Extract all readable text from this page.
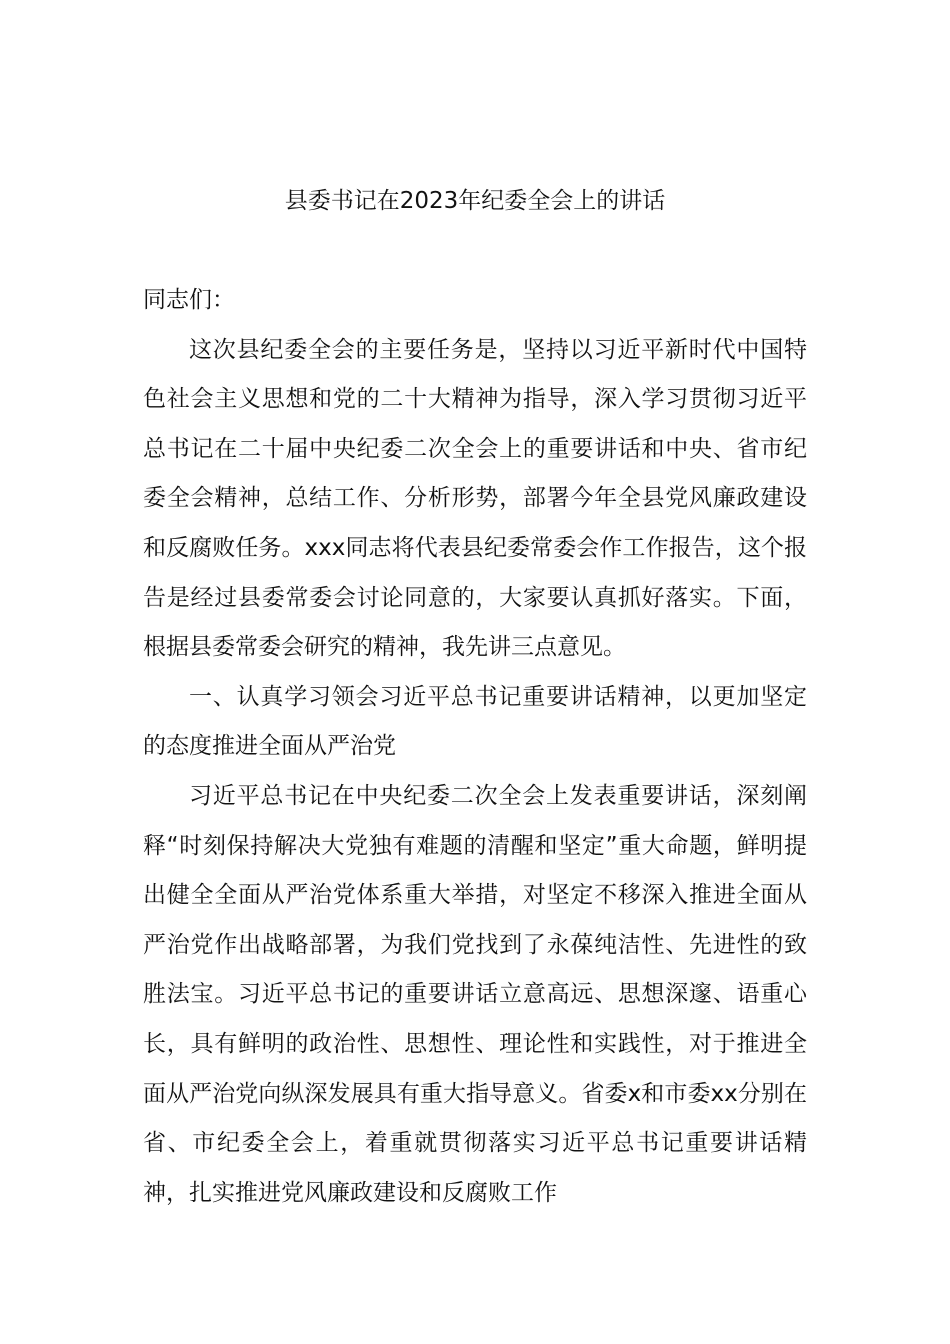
县委书记在2023年纪委全会上的讲话

同志们：

这次县纪委全会的主要任务是，坚持以习近平新时代中国特色社会主义思想和党的二十大精神为指导，深入学习贯彻习近平总书记在二十届中央纪委二次全会上的重要讲话和中央、省市纪委全会精神，总结工作、分析形势，部署今年全县党风廉政建设和反腐败任务。xxx同志将代表县纪委常委会作工作报告，这个报告是经过县委常委会讨论同意的，大家要认真抓好落实。下面，根据县委常委会研究的精神，我先讲三点意见。

一、认真学习领会习近平总书记重要讲话精神，以更加坚定的态度推进全面从严治党

习近平总书记在中央纪委二次全会上发表重要讲话，深刻阐释“时刻保持解决大党独有难题的清醒和坚定”重大命题，鲜明提出健全全面从严治党体系重大举措，对坚定不移深入推进全面从严治党作出战略部署，为我们党找到了永葆纯洁性、先进性的致胜法宝。习近平总书记的重要讲话立意高远、思想深邃、语重心长，具有鲜明的政治性、思想性、理论性和实践性，对于推进全面从严治党向纵深发展具有重大指导意义。省委x和市委xx分别在省、市纪委全会上，着重就贯彻落实习近平总书记重要讲话精神，扎实推进党风廉政建设和反腐败工作
